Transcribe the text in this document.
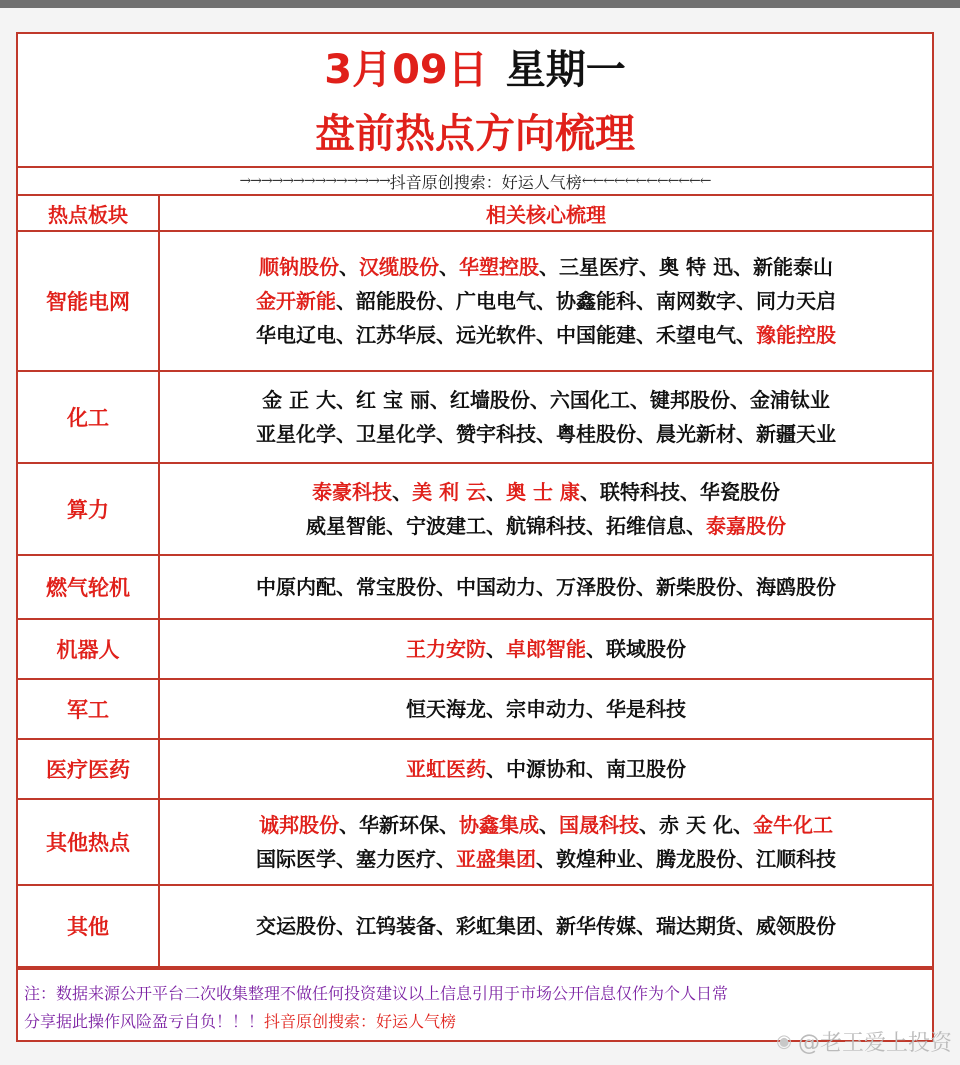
3月09日 星期一
盘前热点方向梳理
→→→→→→→→→→→→→→ 抖音原创搜索：好运人气榜 ←←←←←←←←←←←←
热点板块	相关核心梳理
智能电网	顺钠股份、汉缆股份、华塑控股、三星医疗、奥 特 迅、新能泰山
金开新能、韶能股份、广电电气、协鑫能科、南网数字、同力天启
华电辽电、江苏华辰、远光软件、中国能建、禾望电气、豫能控股

化工	金 正 大、红 宝 丽、红墙股份、六国化工、键邦股份、金浦钛业
亚星化学、卫星化学、赞宇科技、粤桂股份、晨光新材、新疆天业

算力	泰豪科技、美 利 云、奥 士 康、联特科技、华瓷股份
威星智能、宁波建工、航锦科技、拓维信息、泰嘉股份

燃气轮机	中原内配、常宝股份、中国动力、万泽股份、新柴股份、海鸥股份

机器人	王力安防、卓郎智能、联域股份

军工	恒天海龙、宗申动力、华是科技

医疗医药	亚虹医药、中源协和、南卫股份

其他热点	诚邦股份、华新环保、协鑫集成、国晟科技、赤 天 化、金牛化工
国际医学、塞力医疗、亚盛集团、敦煌种业、腾龙股份、江顺科技

其他	交运股份、江钨装备、彩虹集团、新华传媒、瑞达期货、威领股份
注：数据来源公开平台二次收集整理不做任何投资建议以上信息引用于市场公开信息仅作为个人日常
分享据此操作风险盈亏自负！！！抖音原创搜索：好运人气榜
◉ @老王爱上投资
